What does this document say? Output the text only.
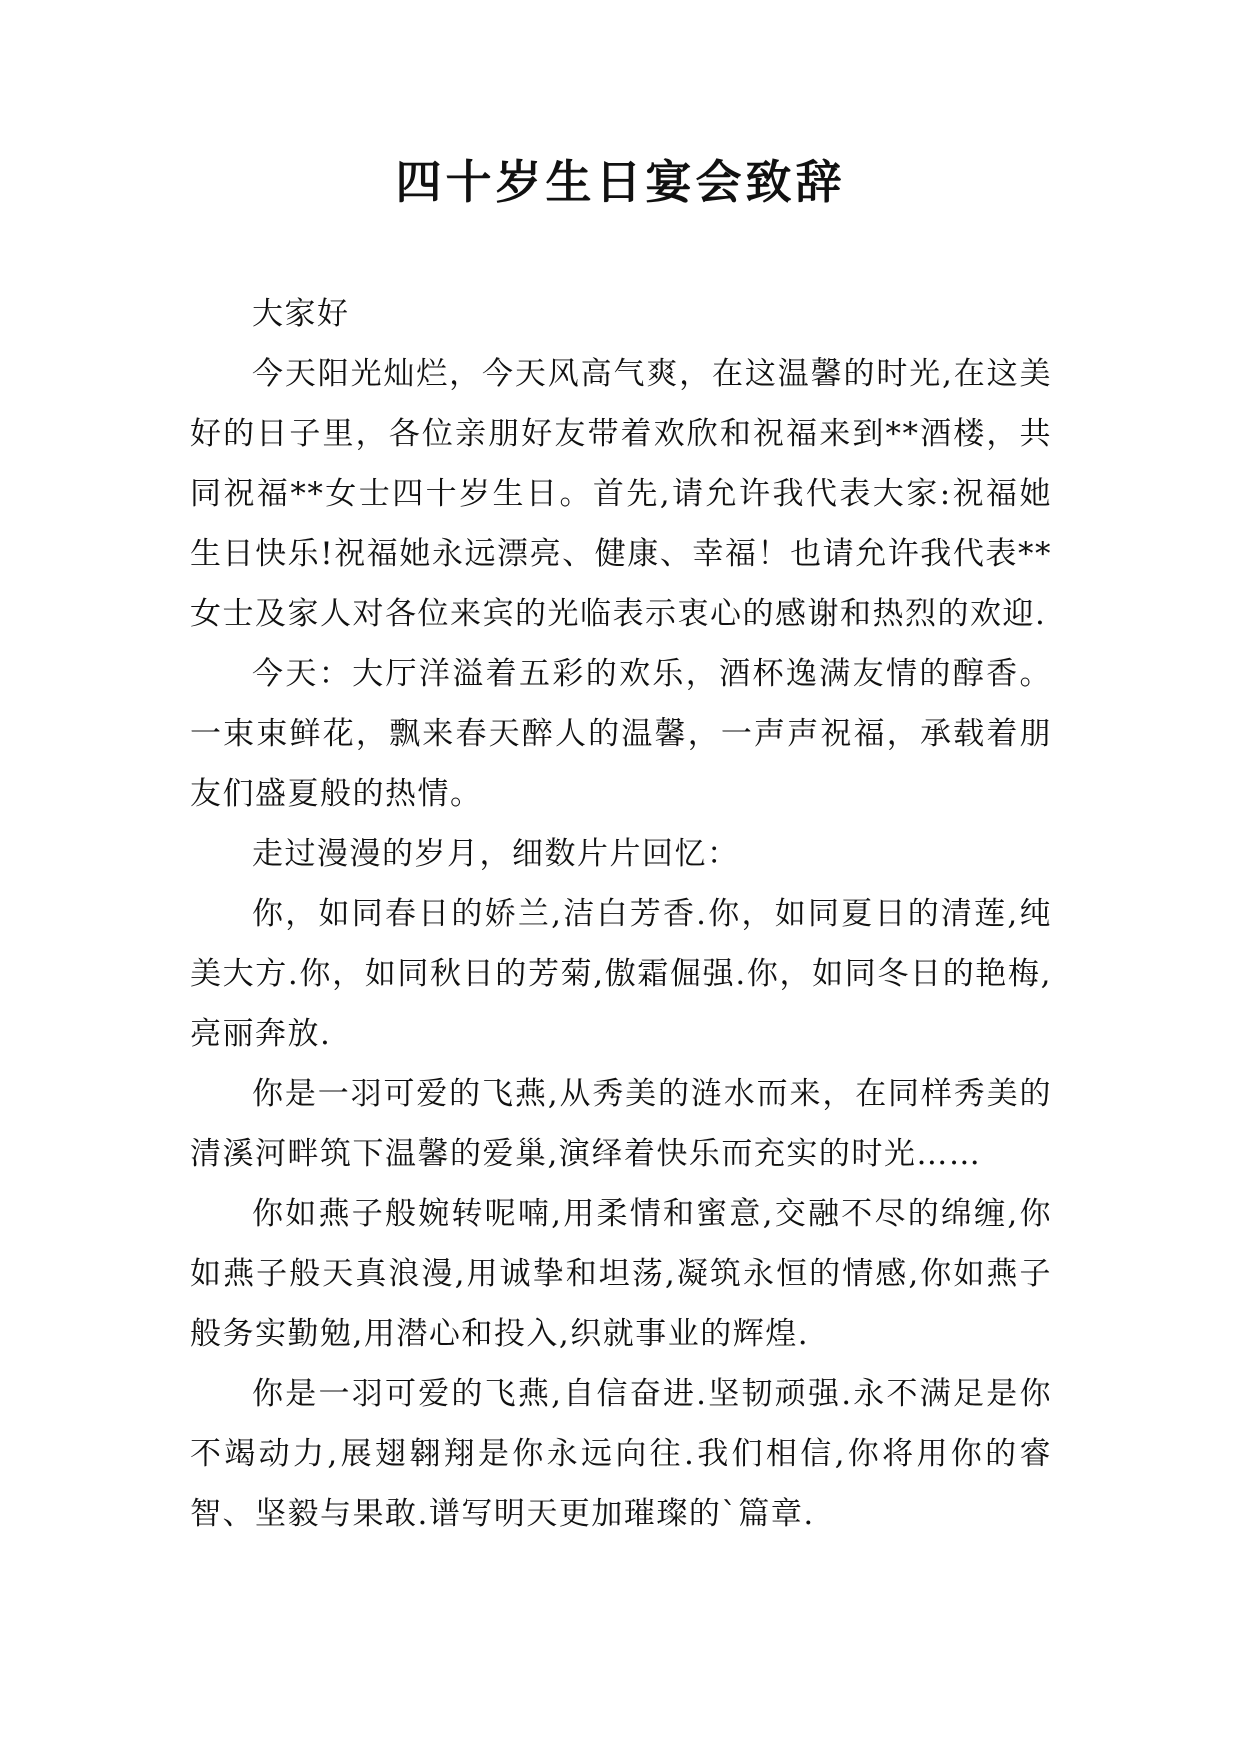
四十岁生日宴会致辞

大家好

今天阳光灿烂，今天风高气爽，在这温馨的时光,在这美好的日子里，各位亲朋好友带着欢欣和祝福来到**酒楼，共同祝福**女士四十岁生日。首先,请允许我代表大家:祝福她生日快乐!祝福她永远漂亮、健康、幸福！也请允许我代表**女士及家人对各位来宾的光临表示衷心的感谢和热烈的欢迎.

今天：大厅洋溢着五彩的欢乐，酒杯逸满友情的醇香。一束束鲜花，飘来春天醉人的温馨，一声声祝福，承载着朋友们盛夏般的热情。

走过漫漫的岁月，细数片片回忆：

你，如同春日的娇兰,洁白芳香.你，如同夏日的清莲,纯美大方.你，如同秋日的芳菊,傲霜倔强.你，如同冬日的艳梅,亮丽奔放.

你是一羽可爱的飞燕,从秀美的涟水而来，在同样秀美的清溪河畔筑下温馨的爱巢,演绎着快乐而充实的时光……

你如燕子般婉转呢喃,用柔情和蜜意,交融不尽的绵缠,你如燕子般天真浪漫,用诚挚和坦荡,凝筑永恒的情感,你如燕子般务实勤勉,用潜心和投入,织就事业的辉煌.

你是一羽可爱的飞燕,自信奋进.坚韧顽强.永不满足是你不竭动力,展翅翱翔是你永远向往.我们相信,你将用你的睿智、坚毅与果敢.谱写明天更加璀璨的`篇章.
